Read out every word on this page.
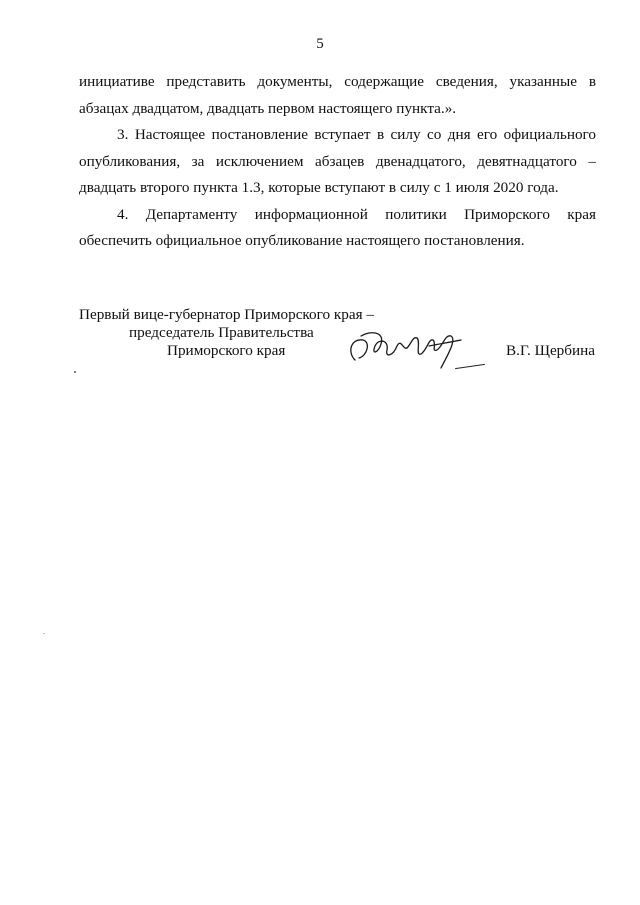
5

инициативе представить документы, содержащие сведения, указанные в абзацах двадцатом, двадцать первом настоящего пункта.».

3. Настоящее постановление вступает в силу со дня его официального опубликования, за исключением абзацев двенадцатого, девятнадцатого – двадцать второго пункта 1.3, которые вступают в силу с 1 июля 2020 года.

4. Департаменту информационной политики Приморского края обеспечить официальное опубликование настоящего постановления.

Первый вице-губернатор Приморского края –
председатель Правительства
Приморского края	В.Г. Щербина
